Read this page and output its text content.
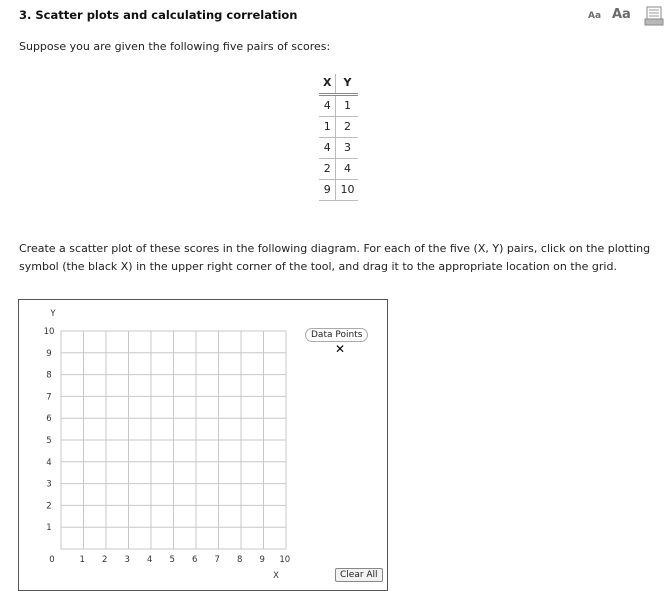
3. Scatter plots and calculating correlation	Aa Aa
Suppose you are given the following five pairs of scores:
X	Y
4	1
1	2
4	3
2	4
9	10
Create a scatter plot of these scores in the following diagram. For each of the five (X, Y) pairs, click on the plotting symbol (the black X) in the upper right corner of the tool, and drag it to the appropriate location on the grid.
Y
10
9
8
7
6
5
4
3
2
1
0	1 2 3 4 5 6 7 8 9 10
X
Data Points
✕
Clear All
